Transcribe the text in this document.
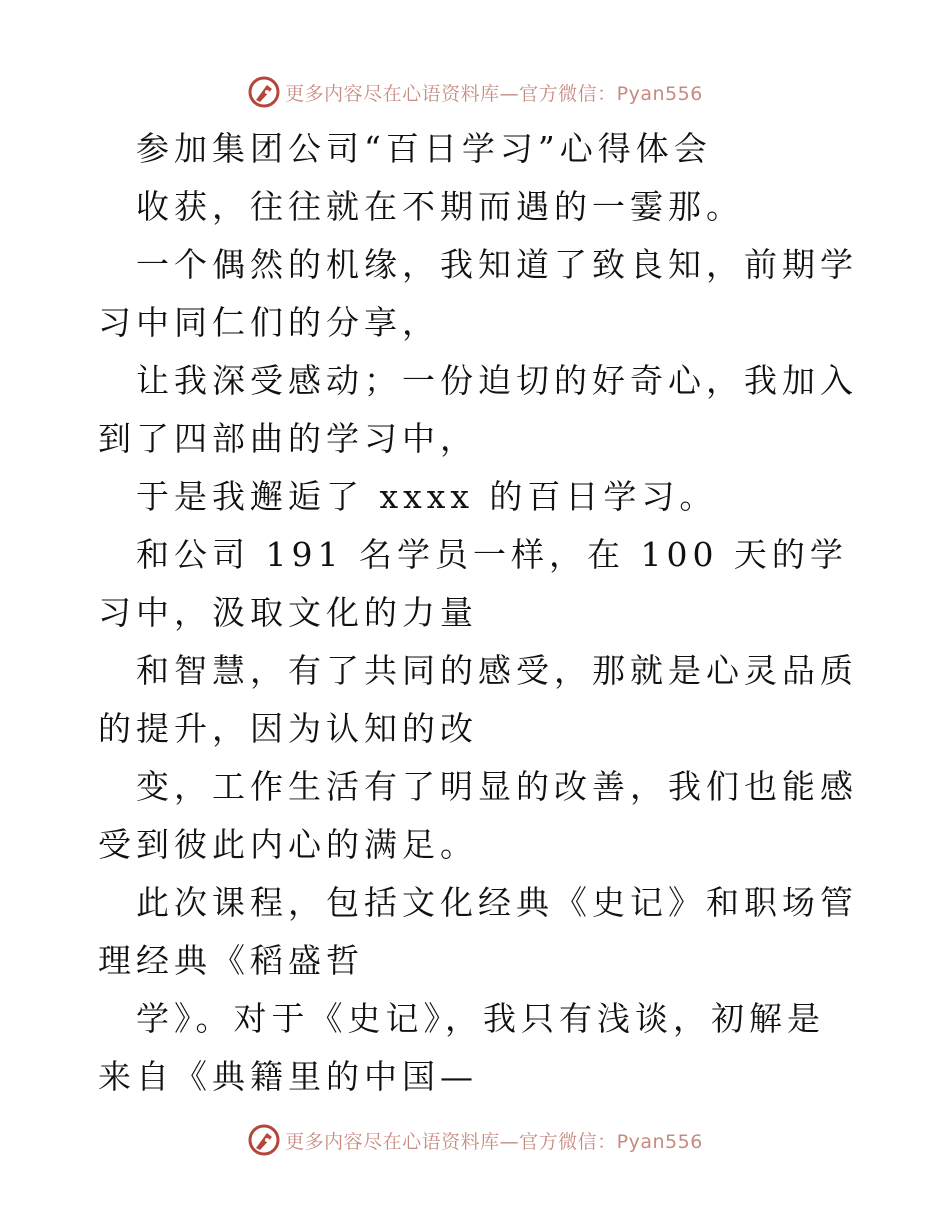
更多内容尽在心语资料库—官方微信：Pyan556

参加集团公司“百日学习”心得体会

收获，往往就在不期而遇的一霎那。

一个偶然的机缘，我知道了致良知，前期学习中同仁们的分享，

让我深受感动；一份迫切的好奇心，我加入到了四部曲的学习中，

于是我邂逅了 xxxx 的百日学习。

和公司 191 名学员一样，在 100 天的学习中，汲取文化的力量

和智慧，有了共同的感受，那就是心灵品质的提升，因为认知的改

变，工作生活有了明显的改善，我们也能感受到彼此内心的满足。

此次课程，包括文化经典《史记》和职场管理经典《稻盛哲

学》。对于《史记》，我只有浅谈，初解是来自《典籍里的中国—

更多内容尽在心语资料库—官方微信：Pyan556
